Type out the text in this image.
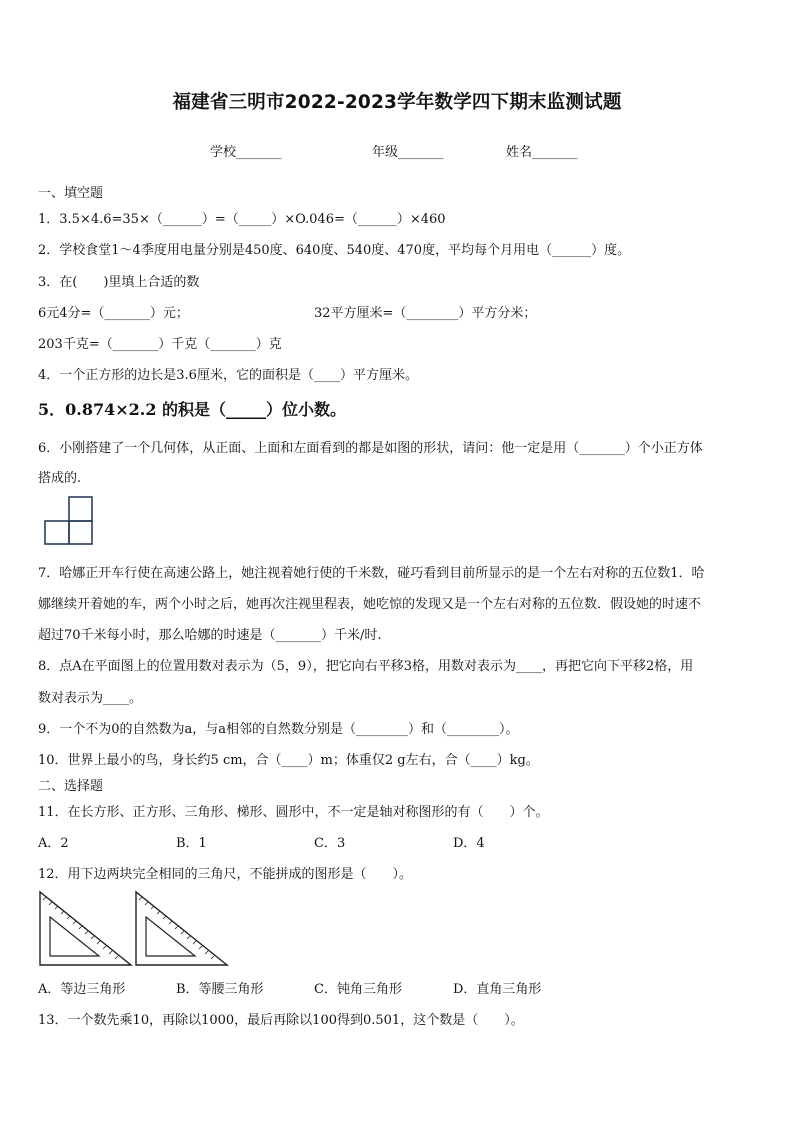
福建省三明市2022-2023学年数学四下期末监测试题
学校_______	年级_______	姓名_______
一、填空题
1．3.5×4.6=35×（______）=（_____）×O.046=（______）×460
2．学校食堂1～4季度用电量分别是450度、640度、540度、470度，平均每个月用电（______）度。
3．在(　　)里填上合适的数
6元4分=（_______）元；	32平方厘米=（________）平方分米；
203千克=（_______）千克（_______）克
4．一个正方形的边长是3.6厘米，它的面积是（____）平方厘米。
5．0.874×2.2 的积是（_____）位小数。
6．小刚搭建了一个几何体，从正面、上面和左面看到的都是如图的形状，请问：他一定是用（_______）个小正方体
搭成的.
7．哈娜正开车行使在高速公路上，她注视着她行使的千米数，碰巧看到目前所显示的是一个左右对称的五位数1．哈
娜继续开着她的车，两个小时之后，她再次注视里程表，她吃惊的发现又是一个左右对称的五位数．假设她的时速不
超过70千米每小时，那么哈娜的时速是（_______）千米/时.
8．点A在平面图上的位置用数对表示为（5，9），把它向右平移3格，用数对表示为____，再把它向下平移2格，用
数对表示为____。
9．一个不为0的自然数为a，与a相邻的自然数分别是（________）和（________）。
10．世界上最小的鸟，身长约5 cm，合（____）m；体重仅2 g左右，合（____）kg。
二、选择题
11．在长方形、正方形、三角形、梯形、圆形中，不一定是轴对称图形的有（　　）个。
A．2	B．1	C．3	D．4
12．用下边两块完全相同的三角尺，不能拼成的图形是（　　）。
A．等边三角形	B．等腰三角形	C．钝角三角形	D．直角三角形
13．一个数先乘10，再除以1000，最后再除以100得到0.501，这个数是（　　）。
